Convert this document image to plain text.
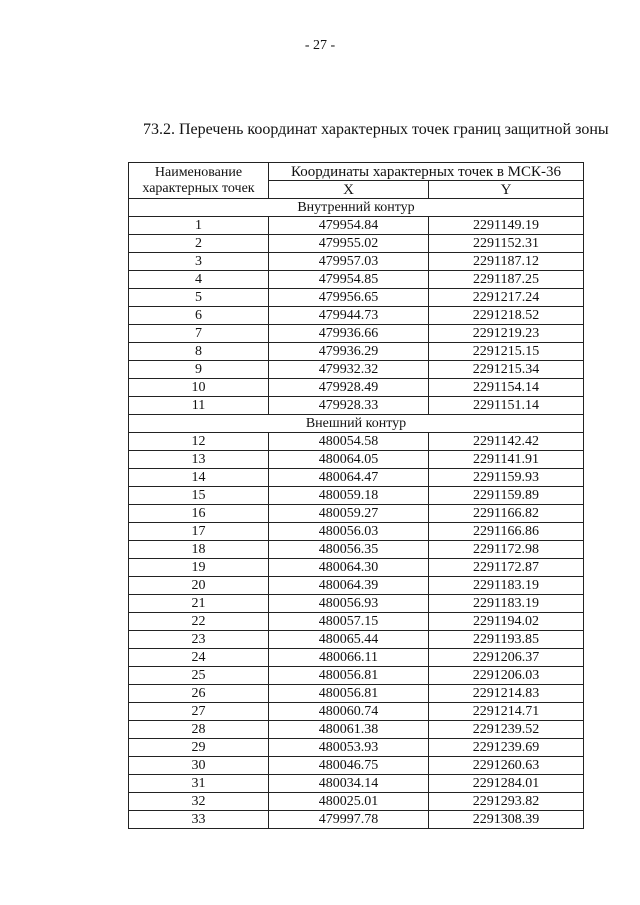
- 27 -
73.2. Перечень координат характерных точек границ защитной зоны
Наименование характерных точек	Координаты характерных точек в МСК-36	
	X	Y
Внутренний контур		
1	479954.84	2291149.19
2	479955.02	2291152.31
3	479957.03	2291187.12
4	479954.85	2291187.25
5	479956.65	2291217.24
6	479944.73	2291218.52
7	479936.66	2291219.23
8	479936.29	2291215.15
9	479932.32	2291215.34
10	479928.49	2291154.14
11	479928.33	2291151.14
Внешний контур		
12	480054.58	2291142.42
13	480064.05	2291141.91
14	480064.47	2291159.93
15	480059.18	2291159.89
16	480059.27	2291166.82
17	480056.03	2291166.86
18	480056.35	2291172.98
19	480064.30	2291172.87
20	480064.39	2291183.19
21	480056.93	2291183.19
22	480057.15	2291194.02
23	480065.44	2291193.85
24	480066.11	2291206.37
25	480056.81	2291206.03
26	480056.81	2291214.83
27	480060.74	2291214.71
28	480061.38	2291239.52
29	480053.93	2291239.69
30	480046.75	2291260.63
31	480034.14	2291284.01
32	480025.01	2291293.82
33	479997.78	2291308.39
